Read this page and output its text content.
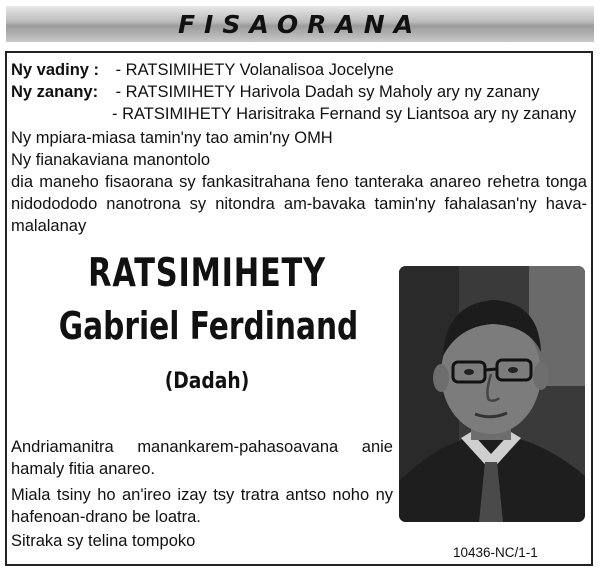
FISAORANA
Ny vadiny : - RATSIMIHETY Volanalisoa Jocelyne
Ny zanany: - RATSIMIHETY Harivola Dadah sy Maholy ary ny zanany
- RATSIMIHETY Harisitraka Fernand sy Liantsoa ary ny zanany
Ny mpiara-miasa tamin'ny tao amin'ny OMH
Ny fianakaviana manontolo
dia maneho fisaorana sy fankasitrahana feno tanteraka anareo rehetra tonga nidodododo nanotrona sy nitondra am-bavaka tamin'ny fahalasan'ny hava-malalanay
RATSIMIHETY
Gabriel Ferdinand
(Dadah)
Andriamanitra manankarem-pahasoavana anie hamaly fitia anareo.
Miala tsiny ho an'ireo izay tsy tratra antso noho ny hafenoan-drano be loatra.
Sitraka sy telina tompoko
10436-NC/1-1
